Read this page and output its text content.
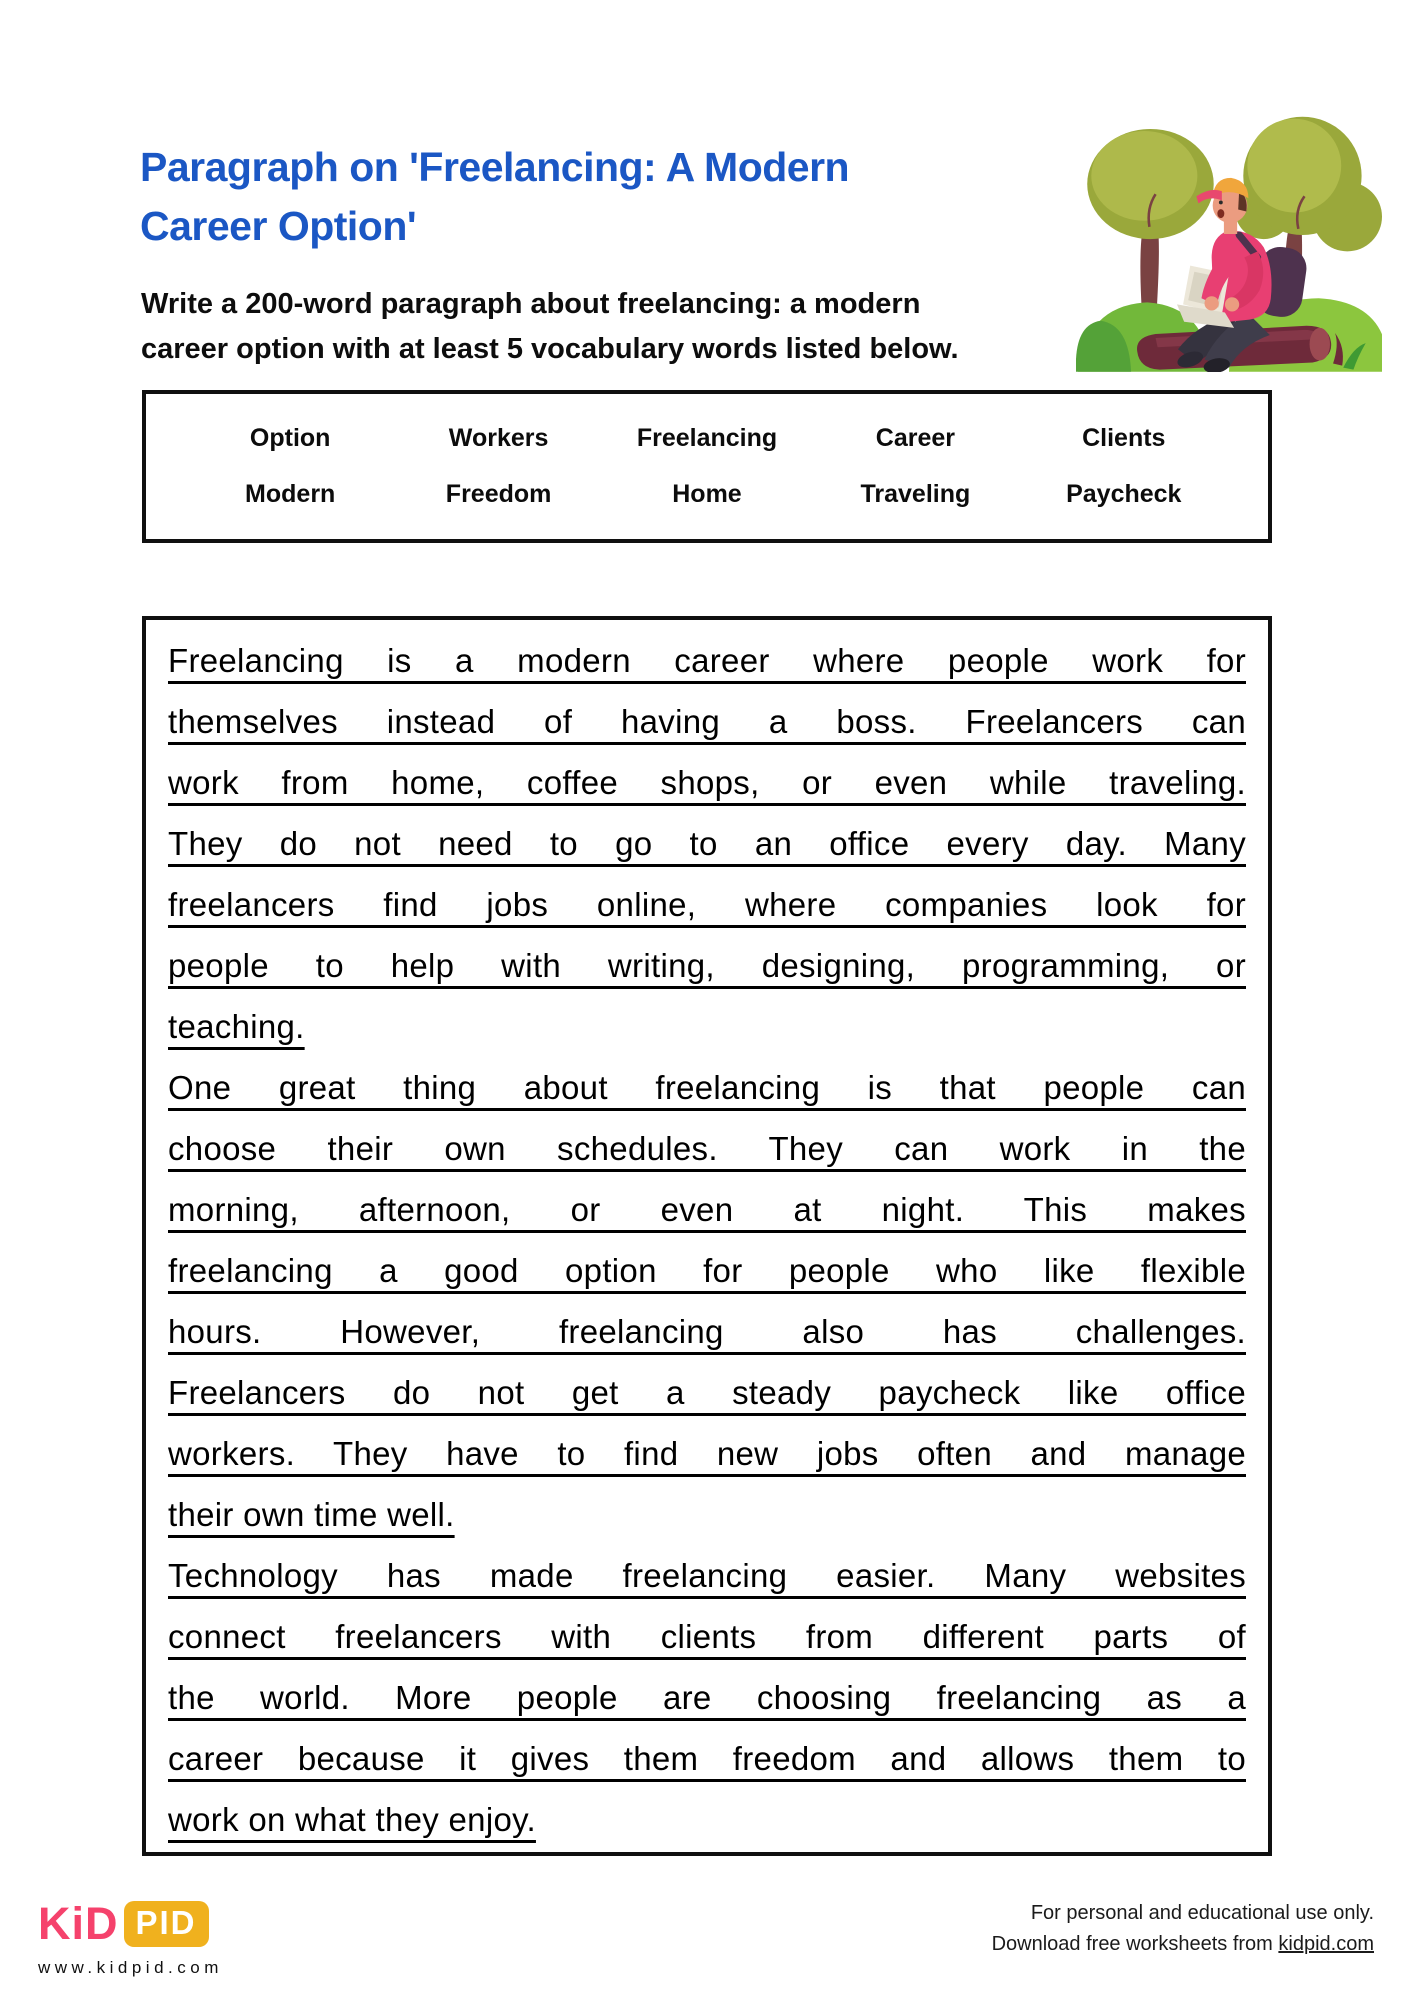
Paragraph on 'Freelancing: A Modern
Career Option'
Write a 200-word paragraph about freelancing: a modern
career option with at least 5 vocabulary words listed below.
Option	Workers	Freelancing	Career	Clients
Modern	Freedom	Home	Traveling	Paycheck
Freelancing is a modern career where people work for
themselves instead of having a boss. Freelancers can
work from home, coffee shops, or even while traveling.
They do not need to go to an office every day. Many
freelancers find jobs online, where companies look for
people to help with writing, designing, programming, or
teaching.
One great thing about freelancing is that people can
choose their own schedules. They can work in the
morning, afternoon, or even at night. This makes
freelancing a good option for people who like flexible
hours. However, freelancing also has challenges.
Freelancers do not get a steady paycheck like office
workers. They have to find new jobs often and manage
their own time well.
Technology has made freelancing easier. Many websites
connect freelancers with clients from different parts of
the world. More people are choosing freelancing as a
career because it gives them freedom and allows them to
work on what they enjoy.
KiD PID
www.kidpid.com
For personal and educational use only.
Download free worksheets from kidpid.com
